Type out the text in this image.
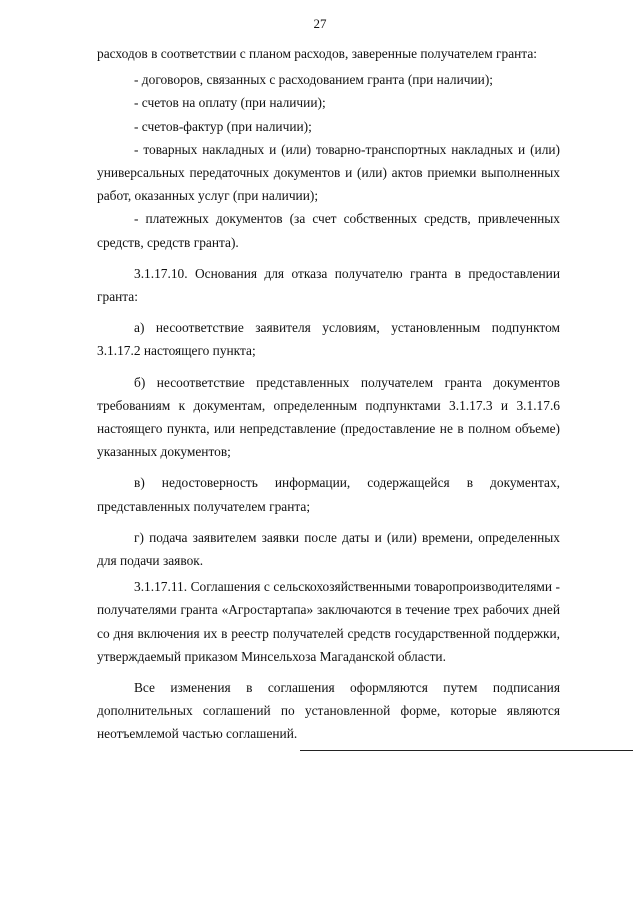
27

расходов в соответствии с планом расходов, заверенные получателем гранта:

- договоров, связанных с расходованием гранта (при наличии);

- счетов на оплату (при наличии);

- счетов-фактур (при наличии);

- товарных накладных и (или) товарно-транспортных накладных и (или) универсальных передаточных документов и (или) актов приемки выполненных работ, оказанных услуг (при наличии);

- платежных документов (за счет собственных средств, привлеченных средств, средств гранта).

3.1.17.10. Основания для отказа получателю гранта в предоставлении гранта:

а) несоответствие заявителя условиям, установленным подпунктом 3.1.17.2 настоящего пункта;

б) несоответствие представленных получателем гранта документов требованиям к документам, определенным подпунктами 3.1.17.3 и 3.1.17.6 настоящего пункта, или непредставление (предоставление не в полном объеме) указанных документов;

в) недостоверность информации, содержащейся в документах, представленных получателем гранта;

г) подача заявителем заявки после даты и (или) времени, определенных для подачи заявок.

3.1.17.11. Соглашения с сельскохозяйственными товаропроизводителями - получателями гранта «Агростартапа» заключаются в течение трех рабочих дней со дня включения их в реестр получателей средств государственной поддержки, утверждаемый приказом Минсельхоза Магаданской области.

Все изменения в соглашения оформляются путем подписания дополнительных соглашений по установленной форме, которые являются неотъемлемой частью соглашений.
